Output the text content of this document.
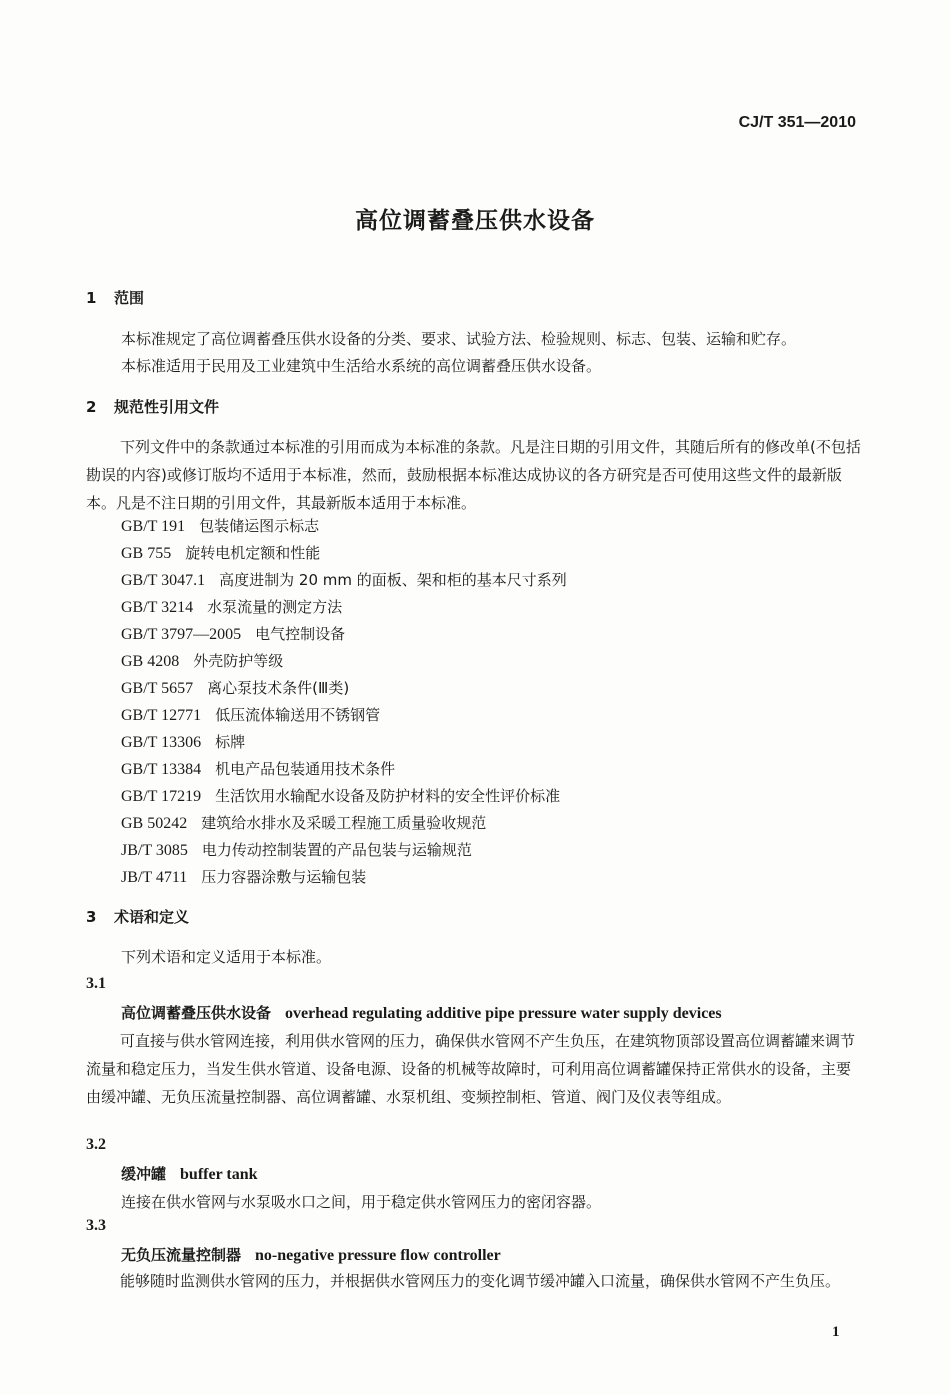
CJ/T 351—2010
高位调蓄叠压供水设备
1 范围
本标准规定了高位调蓄叠压供水设备的分类、要求、试验方法、检验规则、标志、包装、运输和贮存。
本标准适用于民用及工业建筑中生活给水系统的高位调蓄叠压供水设备。
2 规范性引用文件
下列文件中的条款通过本标准的引用而成为本标准的条款。凡是注日期的引用文件，其随后所有的修改单(不包括勘误的内容)或修订版均不适用于本标准，然而，鼓励根据本标准达成协议的各方研究是否可使用这些文件的最新版本。凡是不注日期的引用文件，其最新版本适用于本标准。
GB/T 191 包装储运图示标志
GB 755 旋转电机定额和性能
GB/T 3047.1 高度进制为 20 mm 的面板、架和柜的基本尺寸系列
GB/T 3214 水泵流量的测定方法
GB/T 3797—2005 电气控制设备
GB 4208 外壳防护等级
GB/T 5657 离心泵技术条件(Ⅲ类)
GB/T 12771 低压流体输送用不锈钢管
GB/T 13306 标牌
GB/T 13384 机电产品包装通用技术条件
GB/T 17219 生活饮用水输配水设备及防护材料的安全性评价标准
GB 50242 建筑给水排水及采暖工程施工质量验收规范
JB/T 3085 电力传动控制装置的产品包装与运输规范
JB/T 4711 压力容器涂敷与运输包装
3 术语和定义
下列术语和定义适用于本标准。
3.1
高位调蓄叠压供水设备 overhead regulating additive pipe pressure water supply devices
可直接与供水管网连接，利用供水管网的压力，确保供水管网不产生负压，在建筑物顶部设置高位调蓄罐来调节流量和稳定压力，当发生供水管道、设备电源、设备的机械等故障时，可利用高位调蓄罐保持正常供水的设备，主要由缓冲罐、无负压流量控制器、高位调蓄罐、水泵机组、变频控制柜、管道、阀门及仪表等组成。
3.2
缓冲罐 buffer tank
连接在供水管网与水泵吸水口之间，用于稳定供水管网压力的密闭容器。
3.3
无负压流量控制器 no-negative pressure flow controller
能够随时监测供水管网的压力，并根据供水管网压力的变化调节缓冲罐入口流量，确保供水管网不产生负压。
1
